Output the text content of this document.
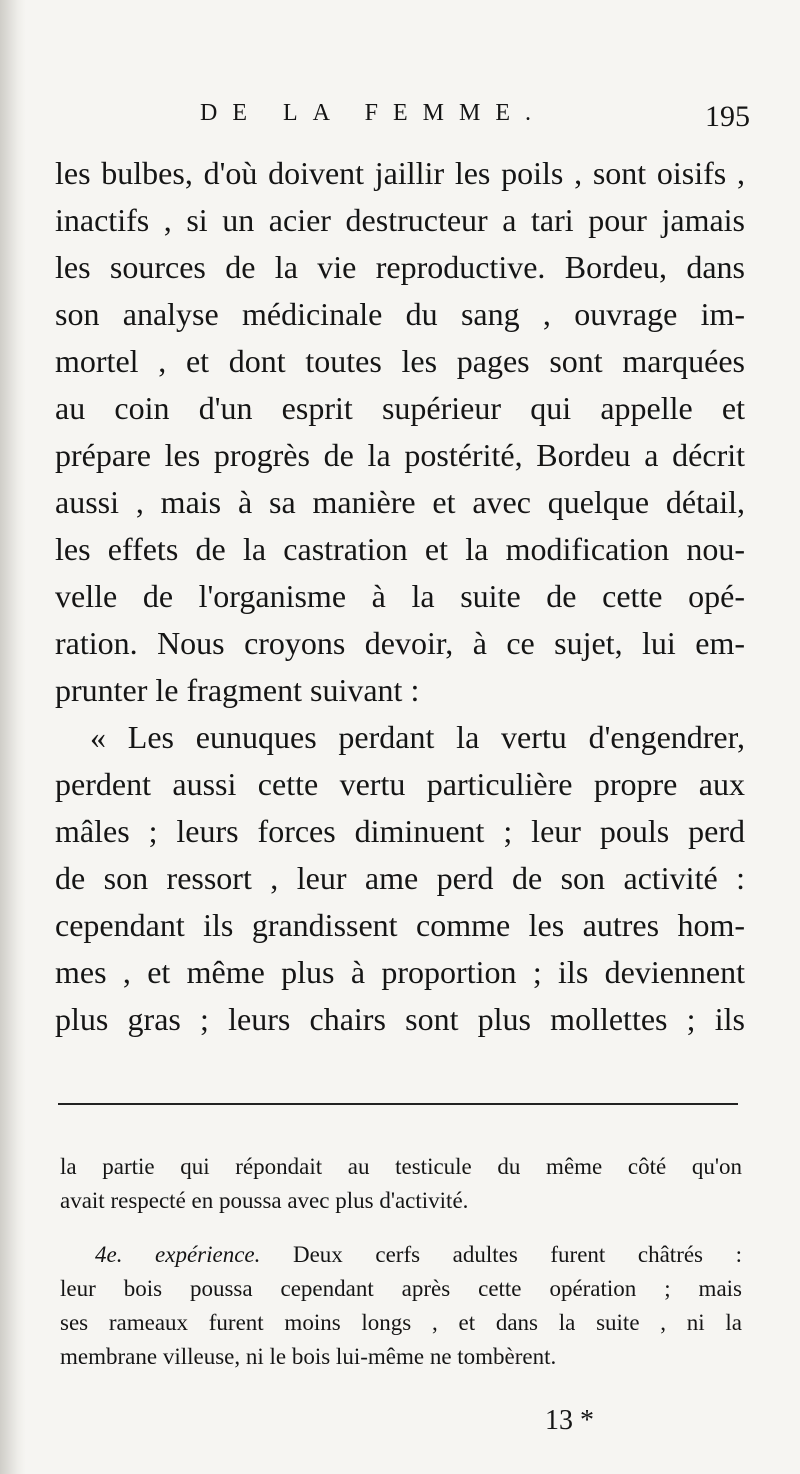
DE LA FEMME.	195
les bulbes, d'où doivent jaillir les poils , sont oisifs ,
inactifs , si un acier destructeur a tari pour jamais
les sources de la vie reproductive. Bordeu, dans
son analyse médicinale du sang , ouvrage im-
mortel , et dont toutes les pages sont marquées
au coin d'un esprit supérieur qui appelle et
prépare les progrès de la postérité, Bordeu a décrit
aussi , mais à sa manière et avec quelque détail,
les effets de la castration et la modification nou-
velle de l'organisme à la suite de cette opé-
ration. Nous croyons devoir, à ce sujet, lui em-
prunter le fragment suivant :
« Les eunuques perdant la vertu d'engendrer,
perdent aussi cette vertu particulière propre aux
mâles ; leurs forces diminuent ; leur pouls perd
de son ressort , leur ame perd de son activité :
cependant ils grandissent comme les autres hom-
mes , et même plus à proportion ; ils deviennent
plus gras ; leurs chairs sont plus mollettes ; ils
la partie qui répondait au testicule du même côté qu'on
avait respecté en poussa avec plus d'activité.
4e. expérience. Deux cerfs adultes furent châtrés :
leur bois poussa cependant après cette opération ; mais
ses rameaux furent moins longs , et dans la suite , ni la
membrane villeuse, ni le bois lui-même ne tombèrent.
13 *
